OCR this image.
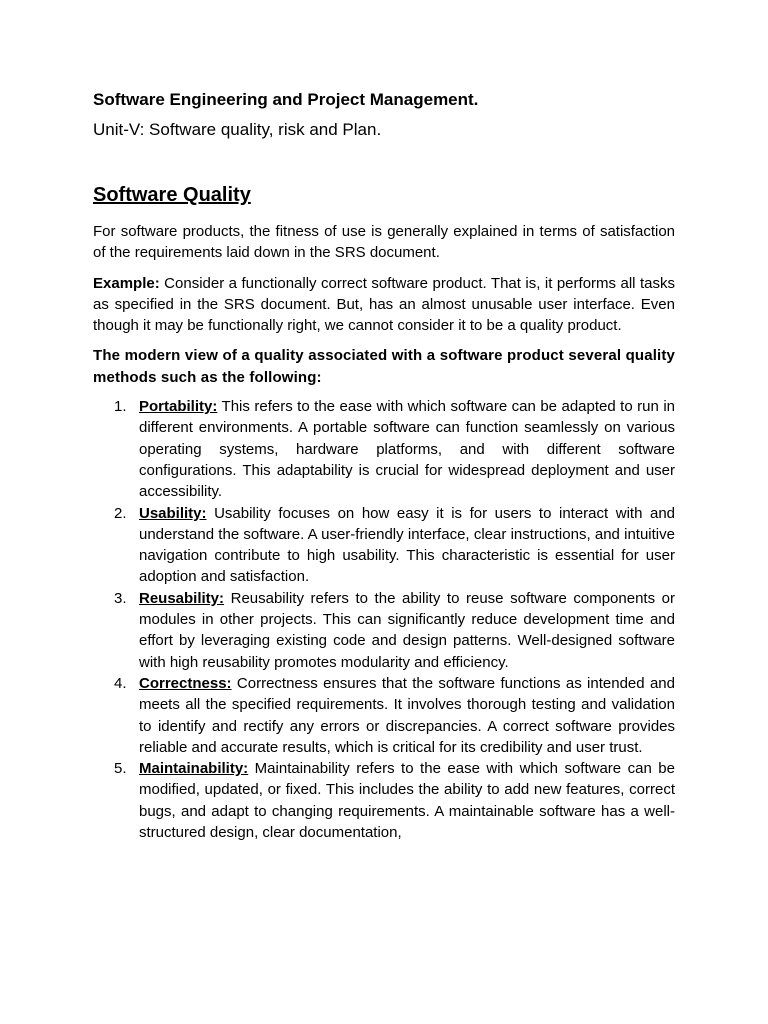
Software Engineering and Project Management.
Unit-V: Software quality, risk and Plan.
Software Quality

For software products, the fitness of use is generally explained in terms of satisfaction of the requirements laid down in the SRS document.

Example: Consider a functionally correct software product. That is, it performs all tasks as specified in the SRS document. But, has an almost unusable user interface. Even though it may be functionally right, we cannot consider it to be a quality product.

The modern view of a quality associated with a software product several quality methods such as the following:

1. Portability: This refers to the ease with which software can be adapted to run in different environments. A portable software can function seamlessly on various operating systems, hardware platforms, and with different software configurations. This adaptability is crucial for widespread deployment and user accessibility.
2. Usability: Usability focuses on how easy it is for users to interact with and understand the software. A user-friendly interface, clear instructions, and intuitive navigation contribute to high usability. This characteristic is essential for user adoption and satisfaction.
3. Reusability: Reusability refers to the ability to reuse software components or modules in other projects. This can significantly reduce development time and effort by leveraging existing code and design patterns. Well-designed software with high reusability promotes modularity and efficiency.
4. Correctness: Correctness ensures that the software functions as intended and meets all the specified requirements. It involves thorough testing and validation to identify and rectify any errors or discrepancies. A correct software provides reliable and accurate results, which is critical for its credibility and user trust.
5. Maintainability: Maintainability refers to the ease with which software can be modified, updated, or fixed. This includes the ability to add new features, correct bugs, and adapt to changing requirements. A maintainable software has a well-structured design, clear documentation,
